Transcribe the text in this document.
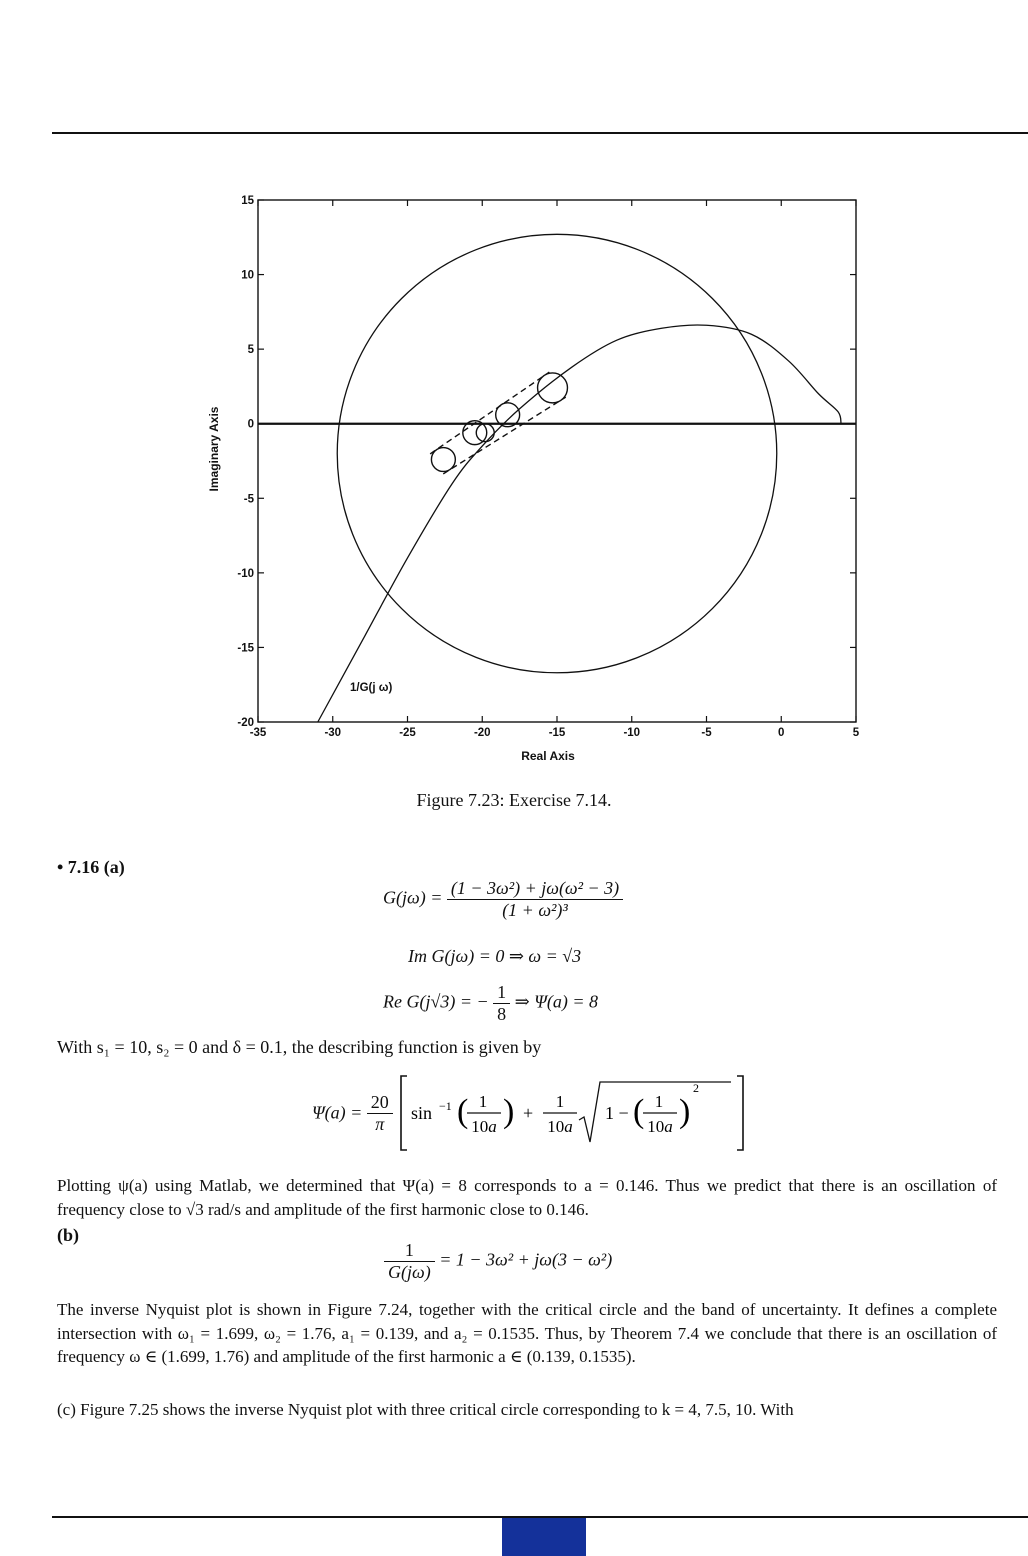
-35	-30	-25	-20	-15	-10	-5	0	5
15
10
5
0
-5
-10
-15
-20
Real Axis
Imaginary Axis
1/G(j ω)
Figure 7.23: Exercise 7.14.
• 7.16 (a)
$G(j\omega) = \frac{\text{(1 − 3ω²) + jω(ω² − 3)}}{\text{(1 + ω²)³}}$
Im G(jω) = 0 ⇒ ω = √3
Re G(j√3) = − $\frac{1}{8}$ ⇒ Ψ(a) = 8
With s₁ = 10, s₂ = 0 and δ = 0.1, the describing function is given by
$\Psi(a) = \frac{20}{\pi}$
sin −1 ( 1
10a ) +
1
10a
1 − ( 1
10a )
2
Plotting ψ(a) using Matlab, we determined that Ψ(a) = 8 corresponds to a = 0.146. Thus we predict that there is an oscillation of frequency close to √3 rad/s and amplitude of the first harmonic close to 0.146.
(b)
$\frac{1}{G(j\omega)} = 1 - 3\omega^2 + j\omega(3 - \omega^2)$
The inverse Nyquist plot is shown in Figure 7.24, together with the critical circle and the band of uncertainty. It defines a complete intersection with ω₁ = 1.699, ω₂ = 1.76, a₁ = 0.139, and a₂ = 0.1535. Thus, by Theorem 7.4 we conclude that there is an oscillation of frequency ω ∈ (1.699, 1.76) and amplitude of the first harmonic a ∈ (0.139, 0.1535).
(c) Figure 7.25 shows the inverse Nyquist plot with three critical circle corresponding to k = 4, 7.5, 10. With
